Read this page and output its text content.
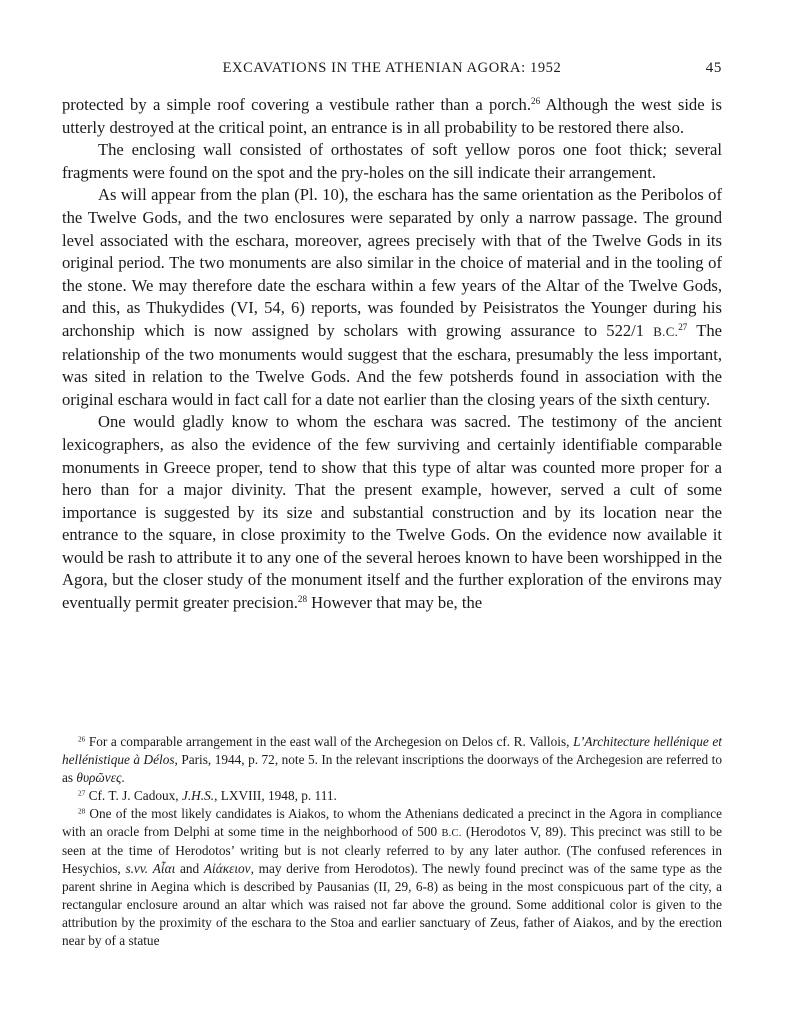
EXCAVATIONS IN THE ATHENIAN AGORA: 1952	45

protected by a simple roof covering a vestibule rather than a porch.$^{26}$ Although the west side is utterly destroyed at the critical point, an entrance is in all probability to be restored there also.

The enclosing wall consisted of orthostates of soft yellow poros one foot thick; several fragments were found on the spot and the pry-holes on the sill indicate their arrangement.

As will appear from the plan (Pl. 10), the eschara has the same orientation as the Peribolos of the Twelve Gods, and the two enclosures were separated by only a narrow passage. The ground level associated with the eschara, moreover, agrees precisely with that of the Twelve Gods in its original period. The two monuments are also similar in the choice of material and in the tooling of the stone. We may therefore date the eschara within a few years of the Altar of the Twelve Gods, and this, as Thukydides (VI, 54, 6) reports, was founded by Peisistratos the Younger during his archonship which is now assigned by scholars with growing assurance to 522/1 B.C.$^{27}$ The relationship of the two monuments would suggest that the eschara, presumably the less important, was sited in relation to the Twelve Gods. And the few potsherds found in association with the original eschara would in fact call for a date not earlier than the closing years of the sixth century.

One would gladly know to whom the eschara was sacred. The testimony of the ancient lexicographers, as also the evidence of the few surviving and certainly identifiable comparable monuments in Greece proper, tend to show that this type of altar was counted more proper for a hero than for a major divinity. That the present example, however, served a cult of some importance is suggested by its size and substantial construction and by its location near the entrance to the square, in close proximity to the Twelve Gods. On the evidence now available it would be rash to attribute it to any one of the several heroes known to have been worshipped in the Agora, but the closer study of the monument itself and the further exploration of the environs may eventually permit greater precision.$^{28}$ However that may be, the

$^{26}$ For a comparable arrangement in the east wall of the Archegesion on Delos cf. R. Vallois, L’Architecture hellénique et hellénistique à Délos, Paris, 1944, p. 72, note 5. In the relevant inscriptions the doorways of the Archegesion are referred to as θυρῶνες.

$^{27}$ Cf. T. J. Cadoux, J.H.S., LXVIII, 1948, p. 111.

$^{28}$ One of the most likely candidates is Aiakos, to whom the Athenians dedicated a precinct in the Agora in compliance with an oracle from Delphi at some time in the neighborhood of 500 B.C. (Herodotos V, 89). This precinct was still to be seen at the time of Herodotos’ writing but is not clearly referred to by any later author. (The confused references in Hesychios, s.vv. Αἶαι and Αἰάκειον, may derive from Herodotos). The newly found precinct was of the same type as the parent shrine in Aegina which is described by Pausanias (II, 29, 6-8) as being in the most conspicuous part of the city, a rectangular enclosure around an altar which was raised not far above the ground. Some additional color is given to the attribution by the proximity of the eschara to the Stoa and earlier sanctuary of Zeus, father of Aiakos, and by the erection near by of a statue
